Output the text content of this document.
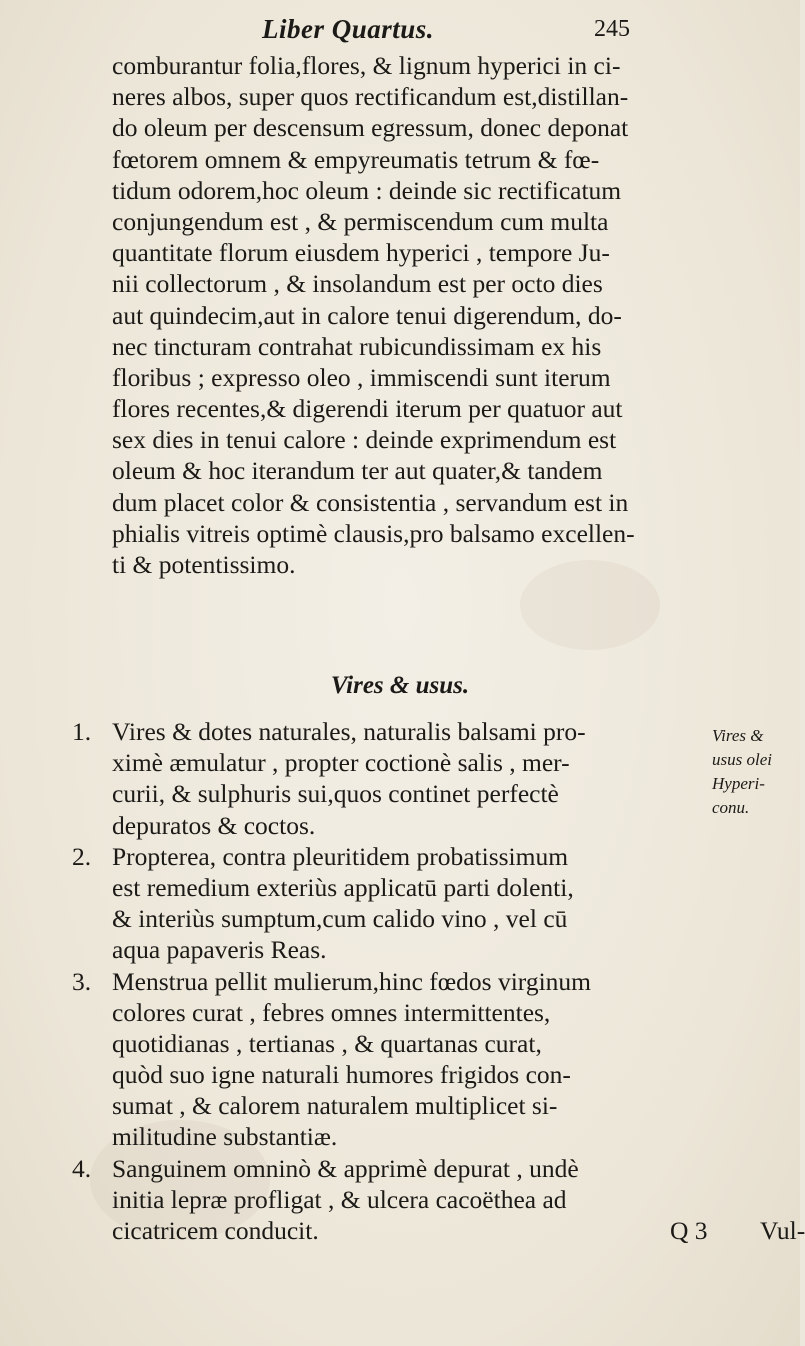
Liber Quartus.	245
comburantur folia,flores, & lignum hyperici in ci-
neres albos, super quos rectificandum est,distillan-
do oleum per descensum egressum, donec deponat
fœtorem omnem & empyreumatis tetrum & fœ-
tidum odorem,hoc oleum : deinde sic rectificatum
conjungendum est , & permiscendum cum multa
quantitate florum eiusdem hyperici , tempore Ju-
nii collectorum , & insolandum est per octo dies
aut quindecim,aut in calore tenui digerendum, do-
nec tincturam contrahat rubicundissimam ex his
floribus ; expresso oleo , immiscendi sunt iterum
flores recentes,& digerendi iterum per quatuor aut
sex dies in tenui calore : deinde exprimendum est
oleum & hoc iterandum ter aut quater,& tandem
dum placet color & consistentia , servandum est in
phialis vitreis optimè clausis,pro balsamo excellen-
ti & potentissimo.
Vires & usus.
Vires &
usus olei
Hyperi-
conu.
1. Vires & dotes naturales, naturalis balsami pro-
ximè æmulatur , propter coctionè salis , mer-
curii, & sulphuris sui,quos continet perfectè
depuratos & coctos.
2. Propterea, contra pleuritidem probatissimum
est remedium exteriùs applicatū parti dolenti,
& interiùs sumptum,cum calido vino , vel cū
aqua papaveris Reas.
3. Menstrua pellit mulierum,hinc fœdos virginum
colores curat , febres omnes intermittentes,
quotidianas , tertianas , & quartanas curat,
quòd suo igne naturali humores frigidos con-
sumat , & calorem naturalem multiplicet si-
militudine substantiæ.
4. Sanguinem omninò & apprimè depurat , undè
initia lepræ profligat , & ulcera cacoëthea ad
cicatricem conducit.	Q 3 Vul-
